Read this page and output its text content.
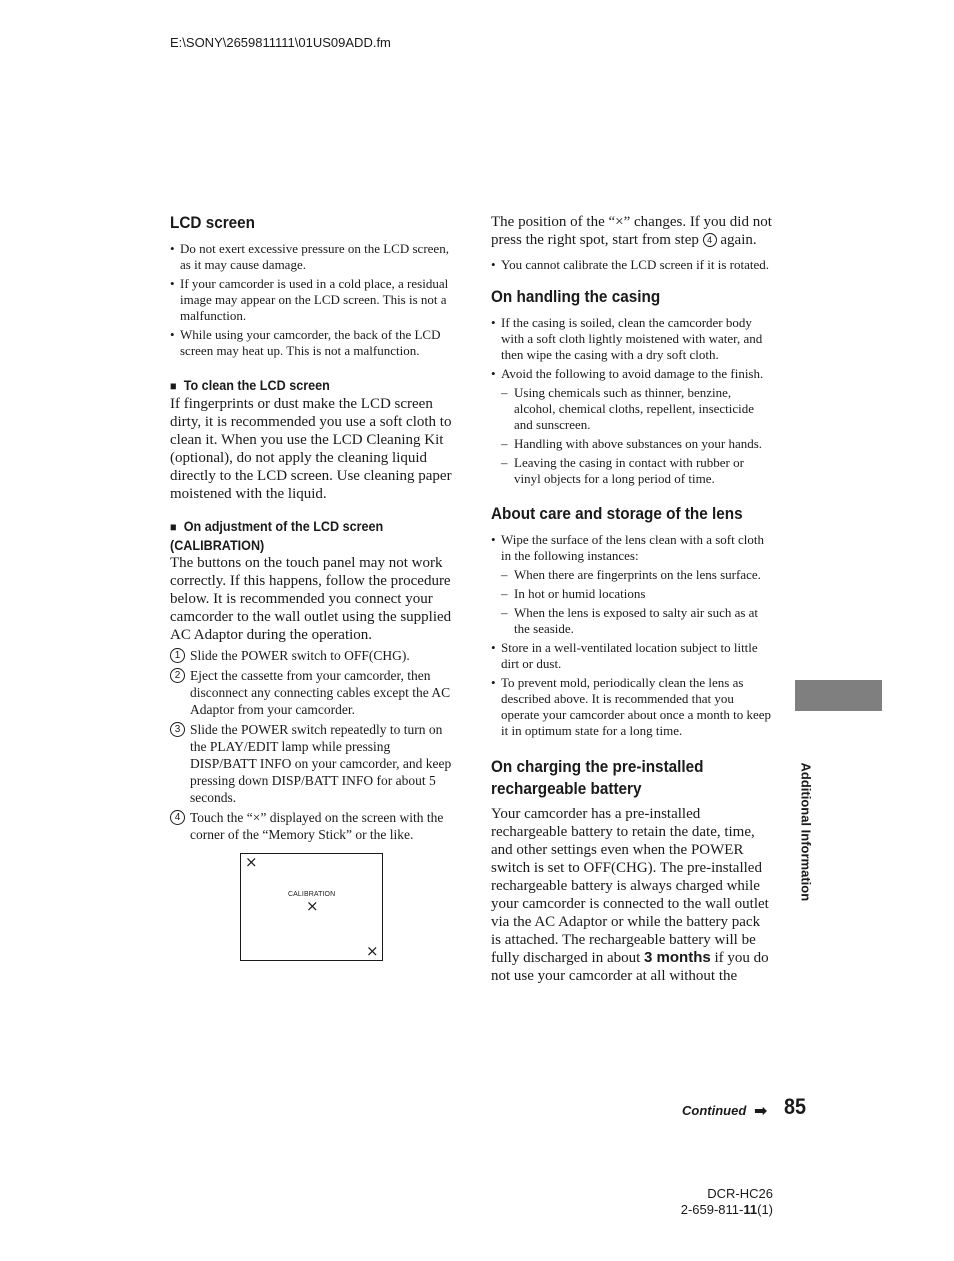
E:\SONY\2659811111\01US09ADD.fm
LCD screen
• Do not exert excessive pressure on the LCD screen, as it may cause damage.
• If your camcorder is used in a cold place, a residual image may appear on the LCD screen. This is not a malfunction.
• While using your camcorder, the back of the LCD screen may heat up. This is not a malfunction.
■ To clean the LCD screen

If fingerprints or dust make the LCD screen dirty, it is recommended you use a soft cloth to clean it. When you use the LCD Cleaning Kit (optional), do not apply the cleaning liquid directly to the LCD screen. Use cleaning paper moistened with the liquid.

■ On adjustment of the LCD screen
(CALIBRATION)

The buttons on the touch panel may not work correctly. If this happens, follow the procedure below. It is recommended you connect your camcorder to the wall outlet using the supplied AC Adaptor during the operation.

1 Slide the POWER switch to OFF(CHG).
2 Eject the cassette from your camcorder, then disconnect any connecting cables except the AC Adaptor from your camcorder.
3 Slide the POWER switch repeatedly to turn on the PLAY/EDIT lamp while pressing DISP/BATT INFO on your camcorder, and keep pressing down DISP/BATT INFO for about 5 seconds.
4 Touch the “×” displayed on the screen with the corner of the “Memory Stick” or the like.
×
CALIBRATION
×
×

The position of the “×” changes. If you did not press the right spot, start from step 4 again.

• You cannot calibrate the LCD screen if it is rotated.
On handling the casing
• If the casing is soiled, clean the camcorder body with a soft cloth lightly moistened with water, and then wipe the casing with a dry soft cloth.
• Avoid the following to avoid damage to the finish.
– Using chemicals such as thinner, benzine, alcohol, chemical cloths, repellent, insecticide and sunscreen.
– Handling with above substances on your hands.
– Leaving the casing in contact with rubber or vinyl objects for a long period of time.
About care and storage of the lens
• Wipe the surface of the lens clean with a soft cloth in the following instances:
– When there are fingerprints on the lens surface.
– In hot or humid locations
– When the lens is exposed to salty air such as at the seaside.
• Store in a well-ventilated location subject to little dirt or dust.
• To prevent mold, periodically clean the lens as described above. It is recommended that you operate your camcorder about once a month to keep it in optimum state for a long time.
On charging the pre-installed
rechargeable battery

Your camcorder has a pre-installed rechargeable battery to retain the date, time, and other settings even when the POWER switch is set to OFF(CHG). The pre-installed rechargeable battery is always charged while your camcorder is connected to the wall outlet via the AC Adaptor or while the battery pack is attached. The rechargeable battery will be fully discharged in about 3 months if you do not use your camcorder at all without the

Additional Information
Continued ➡ 85
DCR-HC26
2-659-811-11(1)
